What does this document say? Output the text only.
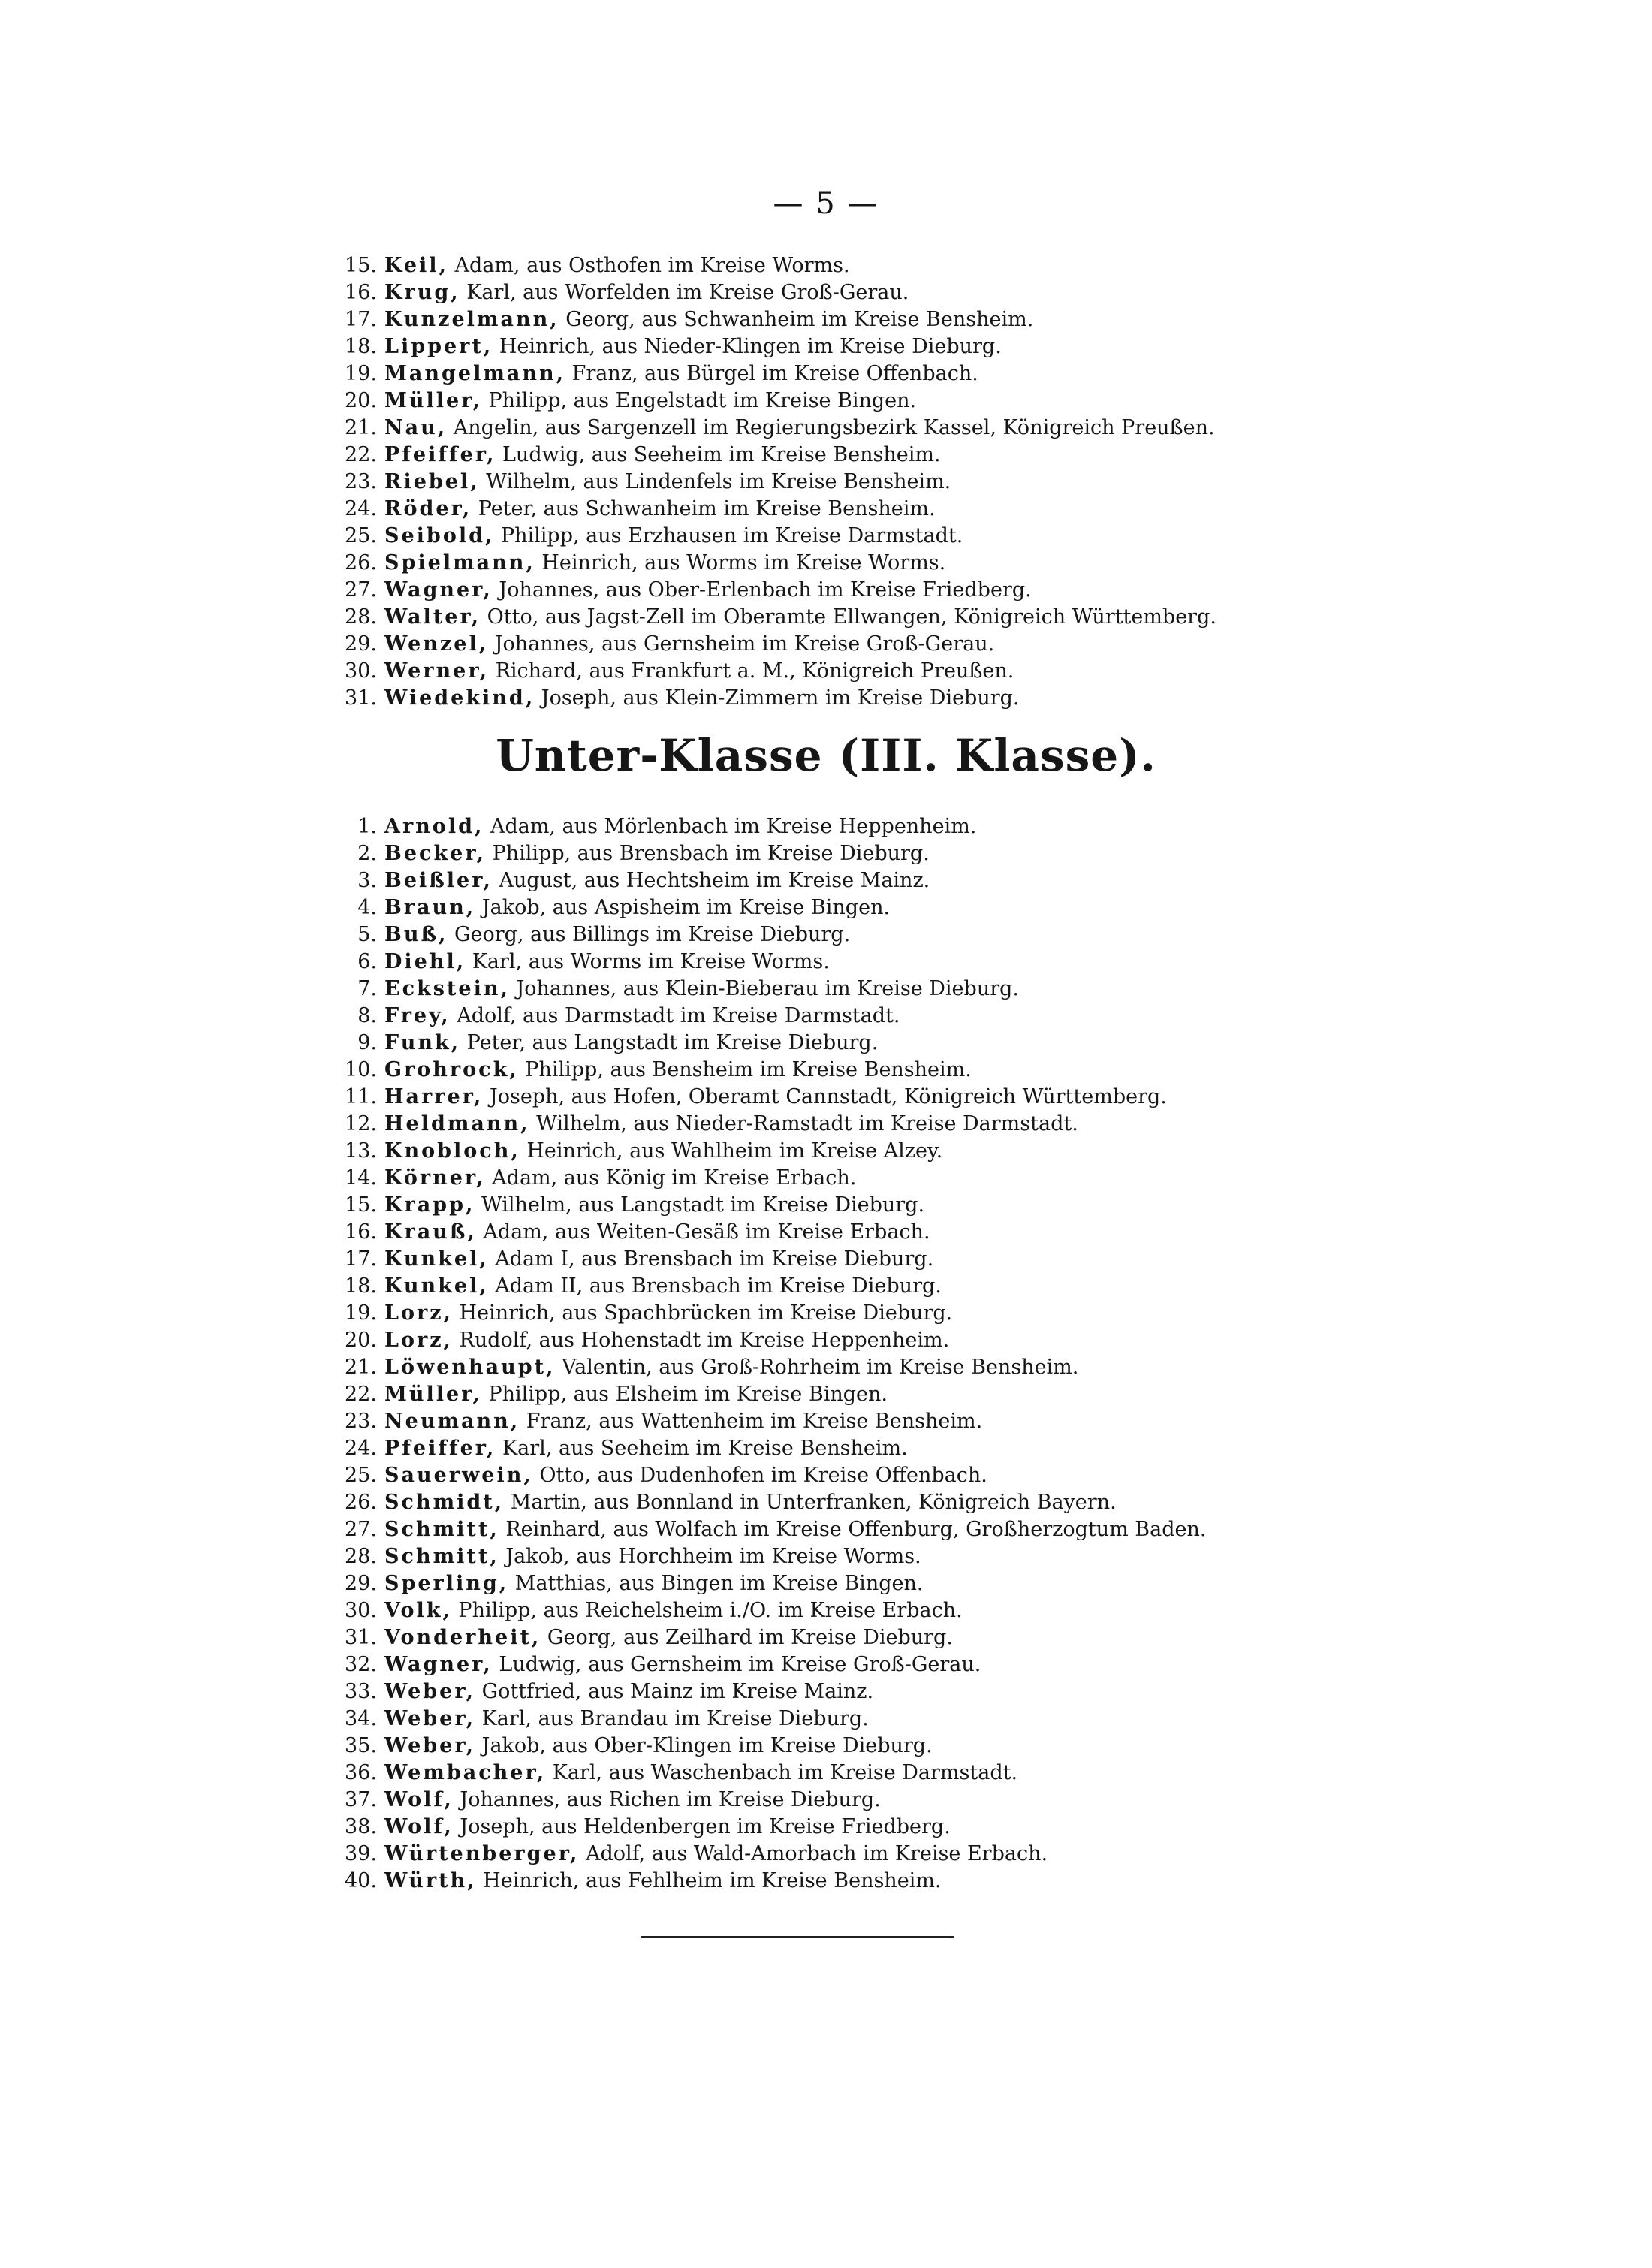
— 5 —
15. Keil, Adam, aus Osthofen im Kreise Worms.
16. Krug, Karl, aus Worfelden im Kreise Groß-Gerau.
17. Kunzelmann, Georg, aus Schwanheim im Kreise Bensheim.
18. Lippert, Heinrich, aus Nieder-Klingen im Kreise Dieburg.
19. Mangelmann, Franz, aus Bürgel im Kreise Offenbach.
20. Müller, Philipp, aus Engelstadt im Kreise Bingen.
21. Nau, Angelin, aus Sargenzell im Regierungsbezirk Kassel, Königreich Preußen.
22. Pfeiffer, Ludwig, aus Seeheim im Kreise Bensheim.
23. Riebel, Wilhelm, aus Lindenfels im Kreise Bensheim.
24. Röder, Peter, aus Schwanheim im Kreise Bensheim.
25. Seibold, Philipp, aus Erzhausen im Kreise Darmstadt.
26. Spielmann, Heinrich, aus Worms im Kreise Worms.
27. Wagner, Johannes, aus Ober-Erlenbach im Kreise Friedberg.
28. Walter, Otto, aus Jagst-Zell im Oberamte Ellwangen, Königreich Württemberg.
29. Wenzel, Johannes, aus Gernsheim im Kreise Groß-Gerau.
30. Werner, Richard, aus Frankfurt a. M., Königreich Preußen.
31. Wiedekind, Joseph, aus Klein-Zimmern im Kreise Dieburg.
Unter-Klasse (III. Klasse).
1. Arnold, Adam, aus Mörlenbach im Kreise Heppenheim.
2. Becker, Philipp, aus Brensbach im Kreise Dieburg.
3. Beißler, August, aus Hechtsheim im Kreise Mainz.
4. Braun, Jakob, aus Aspisheim im Kreise Bingen.
5. Buß, Georg, aus Billings im Kreise Dieburg.
6. Diehl, Karl, aus Worms im Kreise Worms.
7. Eckstein, Johannes, aus Klein-Bieberau im Kreise Dieburg.
8. Frey, Adolf, aus Darmstadt im Kreise Darmstadt.
9. Funk, Peter, aus Langstadt im Kreise Dieburg.
10. Grohrock, Philipp, aus Bensheim im Kreise Bensheim.
11. Harrer, Joseph, aus Hofen, Oberamt Cannstadt, Königreich Württemberg.
12. Heldmann, Wilhelm, aus Nieder-Ramstadt im Kreise Darmstadt.
13. Knobloch, Heinrich, aus Wahlheim im Kreise Alzey.
14. Körner, Adam, aus König im Kreise Erbach.
15. Krapp, Wilhelm, aus Langstadt im Kreise Dieburg.
16. Krauß, Adam, aus Weiten-Gesäß im Kreise Erbach.
17. Kunkel, Adam I, aus Brensbach im Kreise Dieburg.
18. Kunkel, Adam II, aus Brensbach im Kreise Dieburg.
19. Lorz, Heinrich, aus Spachbrücken im Kreise Dieburg.
20. Lorz, Rudolf, aus Hohenstadt im Kreise Heppenheim.
21. Löwenhaupt, Valentin, aus Groß-Rohrheim im Kreise Bensheim.
22. Müller, Philipp, aus Elsheim im Kreise Bingen.
23. Neumann, Franz, aus Wattenheim im Kreise Bensheim.
24. Pfeiffer, Karl, aus Seeheim im Kreise Bensheim.
25. Sauerwein, Otto, aus Dudenhofen im Kreise Offenbach.
26. Schmidt, Martin, aus Bonnland in Unterfranken, Königreich Bayern.
27. Schmitt, Reinhard, aus Wolfach im Kreise Offenburg, Großherzogtum Baden.
28. Schmitt, Jakob, aus Horchheim im Kreise Worms.
29. Sperling, Matthias, aus Bingen im Kreise Bingen.
30. Volk, Philipp, aus Reichelsheim i./O. im Kreise Erbach.
31. Vonderheit, Georg, aus Zeilhard im Kreise Dieburg.
32. Wagner, Ludwig, aus Gernsheim im Kreise Groß-Gerau.
33. Weber, Gottfried, aus Mainz im Kreise Mainz.
34. Weber, Karl, aus Brandau im Kreise Dieburg.
35. Weber, Jakob, aus Ober-Klingen im Kreise Dieburg.
36. Wembacher, Karl, aus Waschenbach im Kreise Darmstadt.
37. Wolf, Johannes, aus Richen im Kreise Dieburg.
38. Wolf, Joseph, aus Heldenbergen im Kreise Friedberg.
39. Würtenberger, Adolf, aus Wald-Amorbach im Kreise Erbach.
40. Würth, Heinrich, aus Fehlheim im Kreise Bensheim.
